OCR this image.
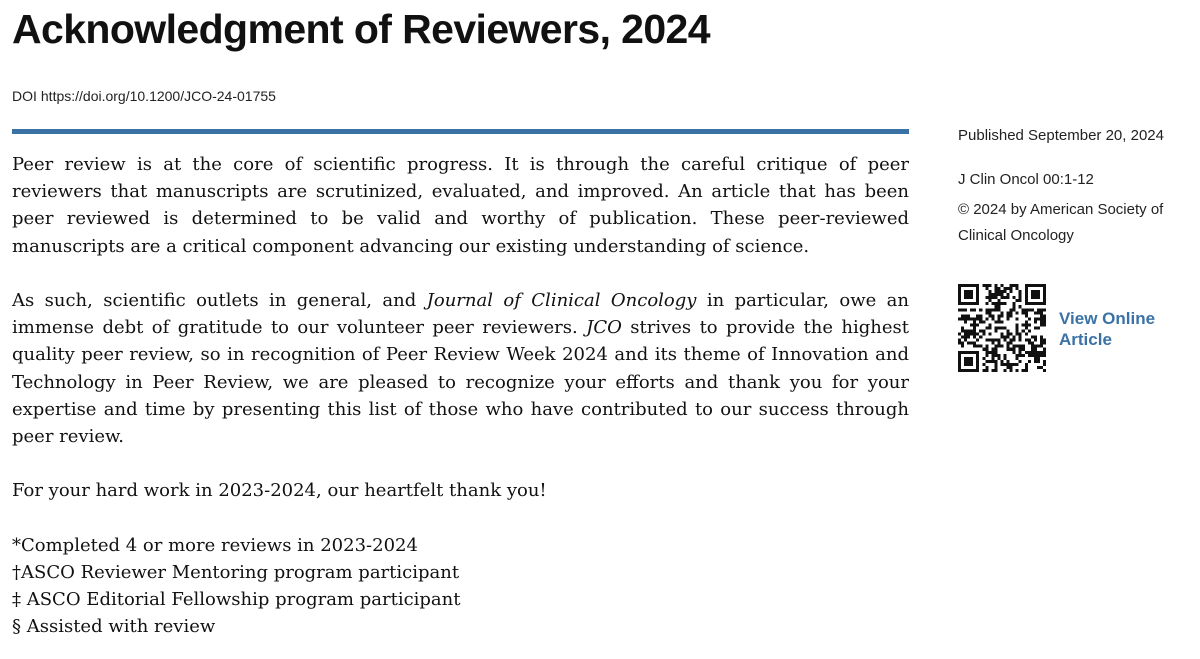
Acknowledgment of Reviewers, 2024
DOI https://doi.org/10.1200/JCO-24-01755

Peer review is at the core of scientific progress. It is through the careful critique of peer reviewers that manuscripts are scrutinized, evaluated, and improved. An article that has been peer reviewed is determined to be valid and worthy of publication. These peer-reviewed manuscripts are a critical component advancing our existing understanding of science.

As such, scientific outlets in general, and Journal of Clinical Oncology in particular, owe an immense debt of gratitude to our volunteer peer reviewers. JCO strives to provide the highest quality peer review, so in recognition of Peer Review Week 2024 and its theme of Innovation and Technology in Peer Review, we are pleased to recognize your efforts and thank you for your expertise and time by presenting this list of those who have contributed to our success through peer review.

For your hard work in 2023-2024, our heartfelt thank you!

*Completed 4 or more reviews in 2023-2024
†ASCO Reviewer Mentoring program participant
‡ ASCO Editorial Fellowship program participant
§ Assisted with review
Published September 20, 2024
J Clin Oncol 00:1-12
© 2024 by American Society of Clinical Oncology
View Online Article
